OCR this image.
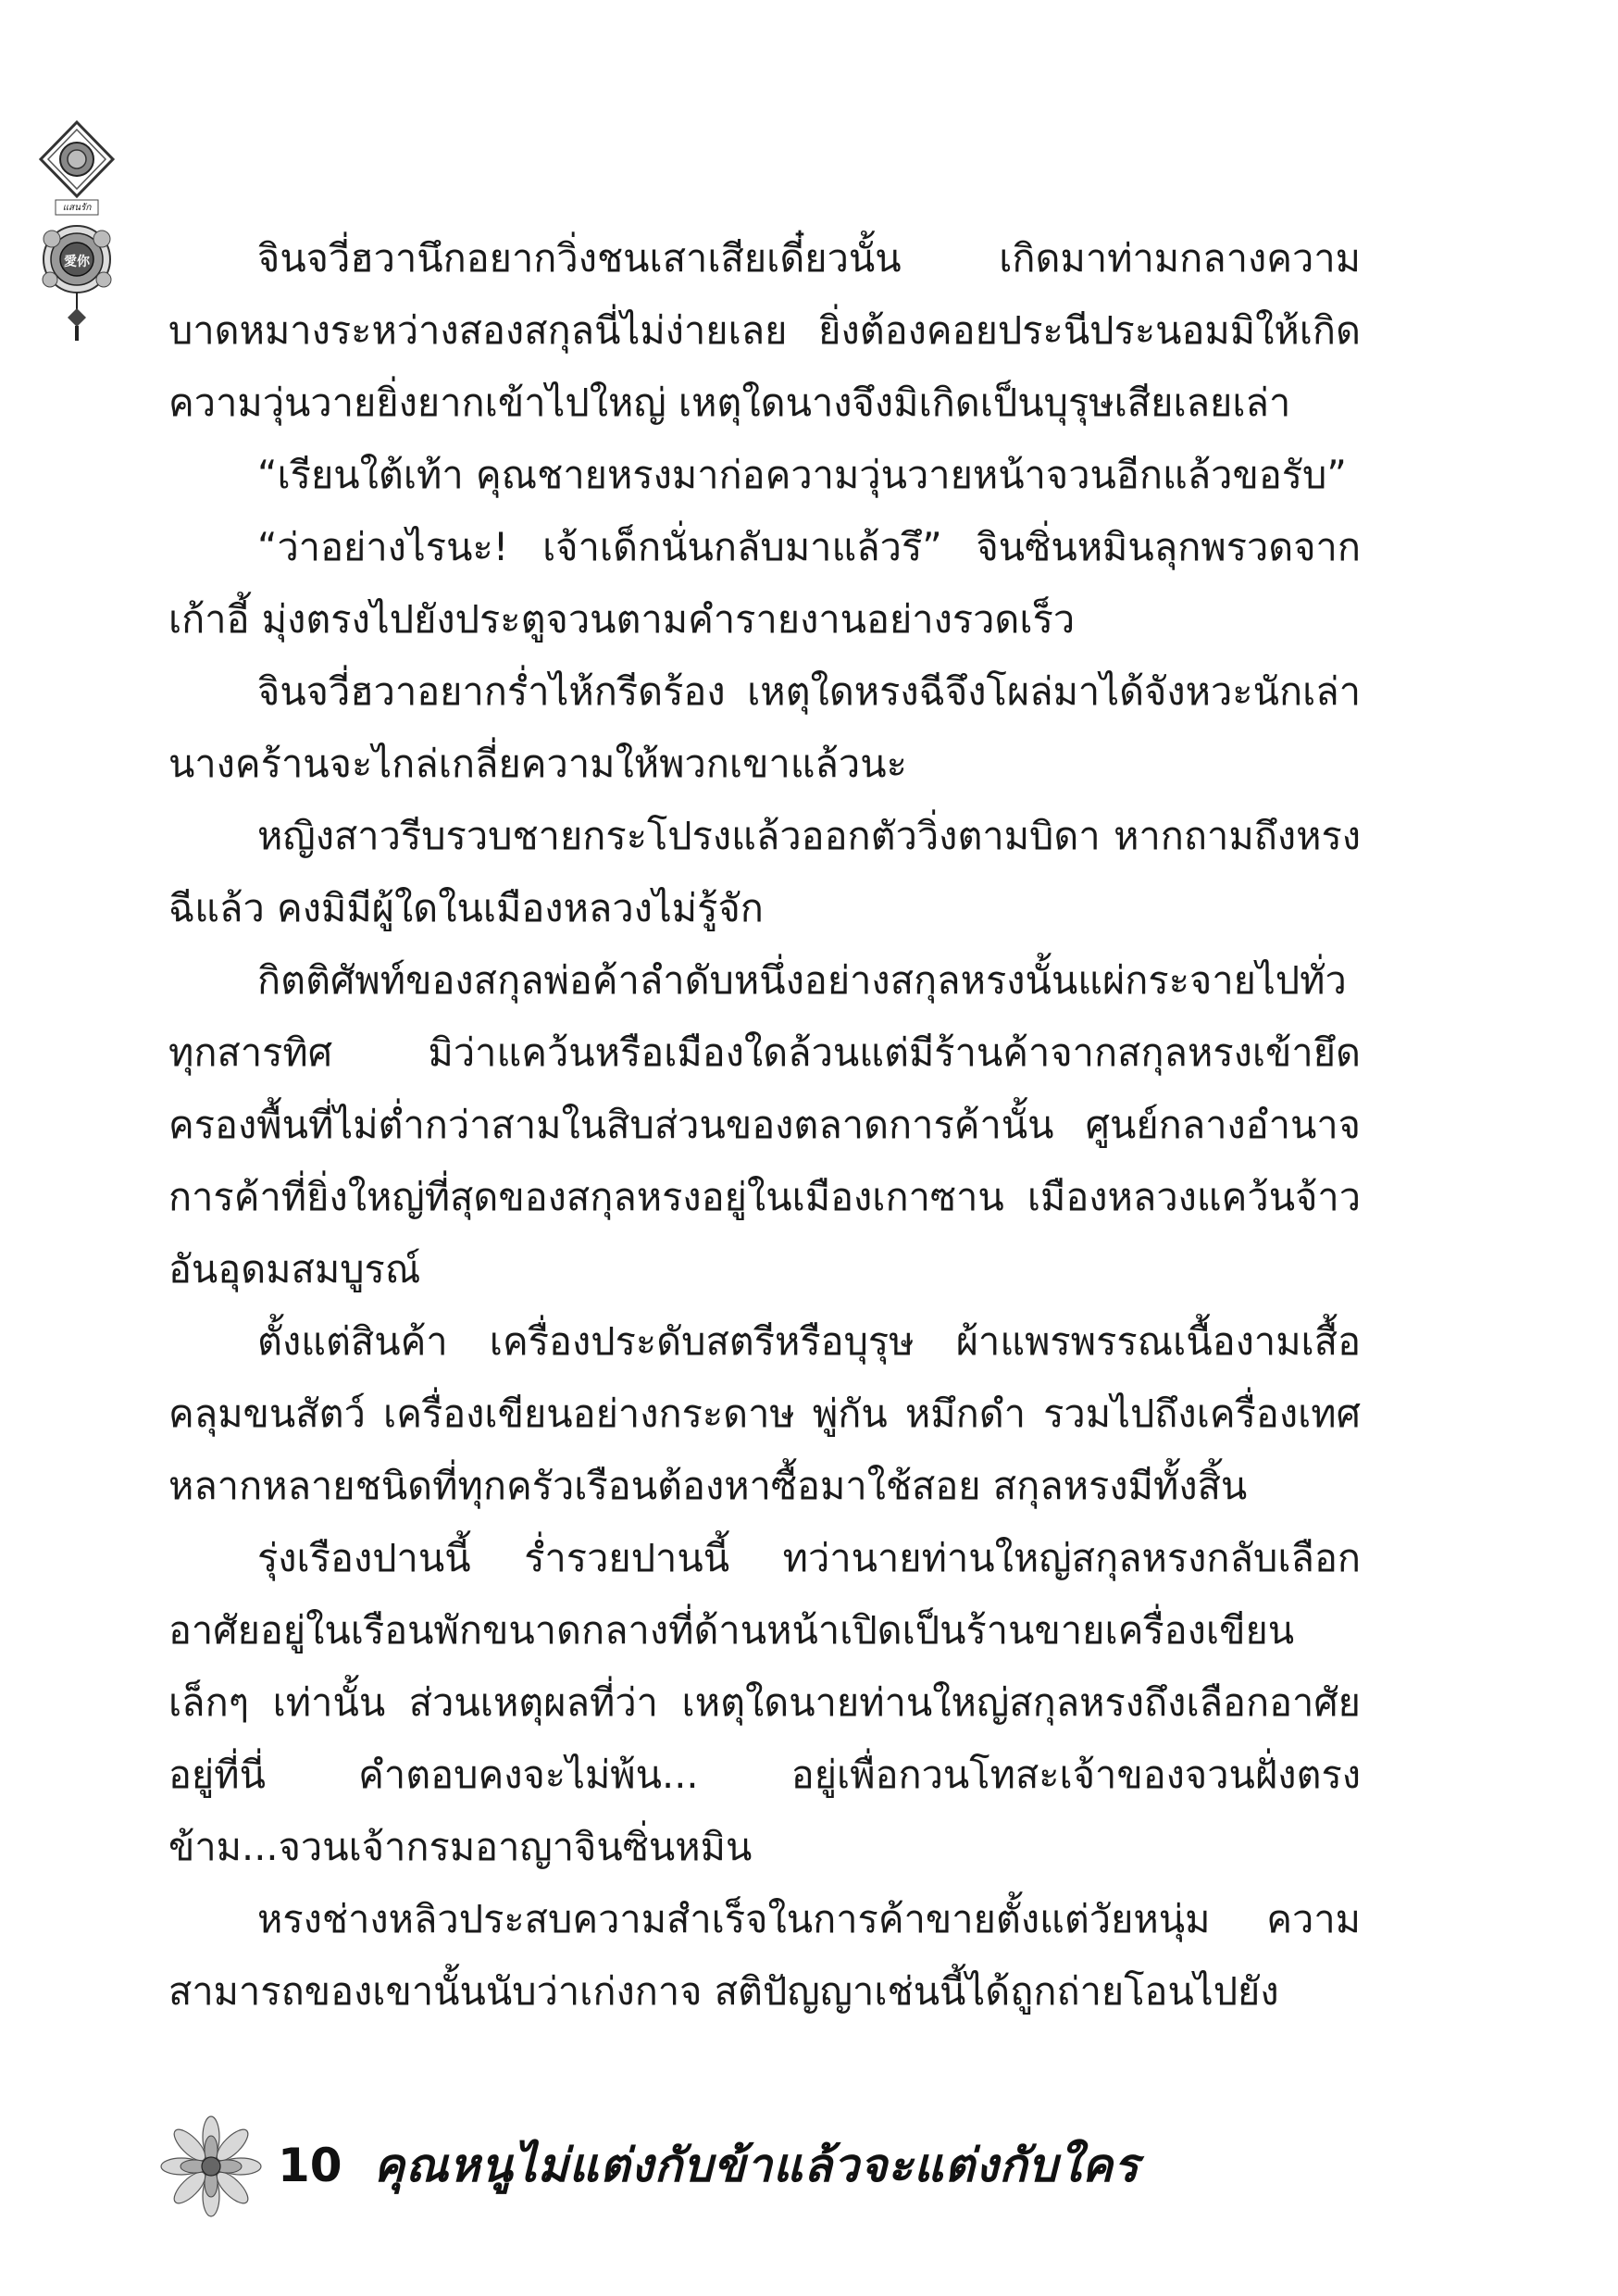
แสนรัก
愛你	จินจวี่ฮวานึกอยากวิ่งชนเสาเสียเดี๋ยวนั้น เกิดมาท่ามกลางความบาดหมางระหว่างสองสกุลนี่ไม่ง่ายเลย ยิ่งต้องคอยประนีประนอมมิให้เกิดความวุ่นวายยิ่งยากเข้าไปใหญ่ เหตุใดนางจึงมิเกิดเป็นบุรุษเสียเลยเล่า

“เรียนใต้เท้า คุณชายหรงมาก่อความวุ่นวายหน้าจวนอีกแล้วขอรับ”

“ว่าอย่างไรนะ! เจ้าเด็กนั่นกลับมาแล้วรึ” จินซิ่นหมินลุกพรวดจากเก้าอี้ มุ่งตรงไปยังประตูจวนตามคำรายงานอย่างรวดเร็ว

จินจวี่ฮวาอยากร่ำไห้กรีดร้อง เหตุใดหรงฉีจึงโผล่มาได้จังหวะนักเล่า นางคร้านจะไกล่เกลี่ยความให้พวกเขาแล้วนะ

หญิงสาวรีบรวบชายกระโปรงแล้วออกตัววิ่งตามบิดา หากถามถึงหรงฉีแล้ว คงมิมีผู้ใดในเมืองหลวงไม่รู้จัก

กิตติศัพท์ของสกุลพ่อค้าลำดับหนึ่งอย่างสกุลหรงนั้นแผ่กระจายไปทั่วทุกสารทิศ มิว่าแคว้นหรือเมืองใดล้วนแต่มีร้านค้าจากสกุลหรงเข้ายึดครองพื้นที่ไม่ต่ำกว่าสามในสิบส่วนของตลาดการค้านั้น ศูนย์กลางอำนาจการค้าที่ยิ่งใหญ่ที่สุดของสกุลหรงอยู่ในเมืองเกาซาน เมืองหลวงแคว้นจ้าวอันอุดมสมบูรณ์

ตั้งแต่สินค้า เครื่องประดับสตรีหรือบุรุษ ผ้าแพรพรรณเนื้องามเสื้อคลุมขนสัตว์ เครื่องเขียนอย่างกระดาษ พู่กัน หมึกดำ รวมไปถึงเครื่องเทศหลากหลายชนิดที่ทุกครัวเรือนต้องหาซื้อมาใช้สอย สกุลหรงมีทั้งสิ้น

รุ่งเรืองปานนี้ ร่ำรวยปานนี้ ทว่านายท่านใหญ่สกุลหรงกลับเลือกอาศัยอยู่ในเรือนพักขนาดกลางที่ด้านหน้าเปิดเป็นร้านขายเครื่องเขียนเล็กๆ เท่านั้น ส่วนเหตุผลที่ว่า เหตุใดนายท่านใหญ่สกุลหรงถึงเลือกอาศัยอยู่ที่นี่ คำตอบคงจะไม่พ้น... อยู่เพื่อกวนโทสะเจ้าของจวนฝั่งตรงข้าม...จวนเจ้ากรมอาญาจินซิ่นหมิน

หรงช่างหลิวประสบความสำเร็จในการค้าขายตั้งแต่วัยหนุ่ม ความสามารถของเขานั้นนับว่าเก่งกาจ สติปัญญาเช่นนี้ได้ถูกถ่ายโอนไปยัง

10 คุณหนูไม่แต่งกับข้าแล้วจะแต่งกับใคร
